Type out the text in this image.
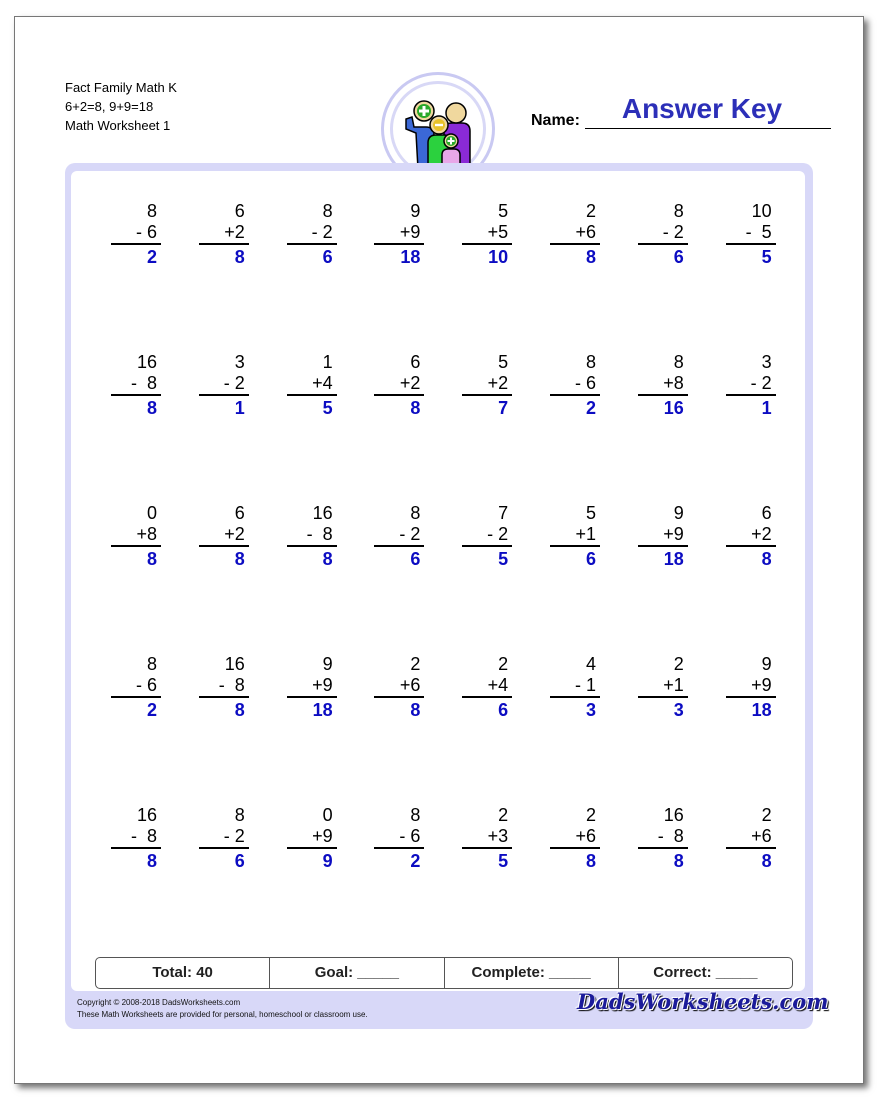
Fact Family Math K
6+2=8, 9+9=18
Math Worksheet 1	Name:	Answer Key
8
- 6
2
6
+2
8
8
- 2
6
9
+9
18
5
+5
10
2
+6
8
8
- 2
6
10
-  5
5
16
-  8
8
3
- 2
1
1
+4
5
6
+2
8
5
+2
7
8
- 6
2
8
+8
16
3
- 2
1
0
+8
8
6
+2
8
16
-  8
8
8
- 2
6
7
- 2
5
5
+1
6
9
+9
18
6
+2
8
8
- 6
2
16
-  8
8
9
+9
18
2
+6
8
2
+4
6
4
- 1
3
2
+1
3
9
+9
18
16
-  8
8
8
- 2
6
0
+9
9
8
- 6
2
2
+3
5
2
+6
8
16
-  8
8
2
+6
8
Total: 40	Goal: _____	Complete: _____	Correct: _____
Copyright © 2008-2018 DadsWorksheets.com
These Math Worksheets are provided for personal, homeschool or classroom use.
DadsWorksheets.com
